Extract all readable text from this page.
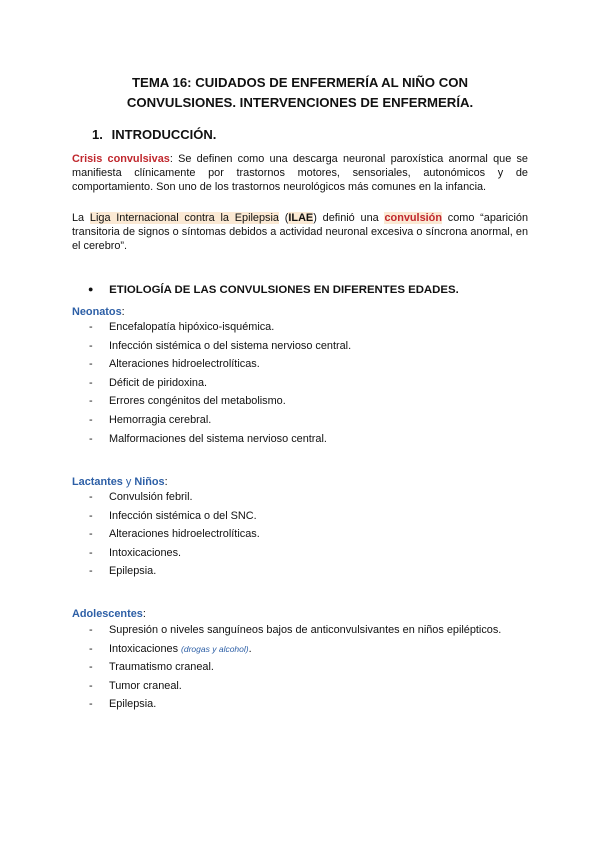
TEMA 16: CUIDADOS DE ENFERMERÍA AL NIÑO CON
CONVULSIONES. INTERVENCIONES DE ENFERMERÍA.
1. INTRODUCCIÓN.
Crisis convulsivas: Se definen como una descarga neuronal paroxística anormal que se manifiesta clínicamente por trastornos motores, sensoriales, autonómicos y de comportamiento. Son uno de los trastornos neurológicos más comunes en la infancia.
La Liga Internacional contra la Epilepsia (ILAE) definió una convulsión como “aparición transitoria de signos o síntomas debidos a actividad neuronal excesiva o síncrona anormal, en el cerebro”.
● ETIOLOGÍA DE LAS CONVULSIONES EN DIFERENTES EDADES.
Neonatos:
- Encefalopatía hipóxico-isquémica.
- Infección sistémica o del sistema nervioso central.
- Alteraciones hidroelectrolíticas.
- Déficit de piridoxina.
- Errores congénitos del metabolismo.
- Hemorragia cerebral.
- Malformaciones del sistema nervioso central.
Lactantes y Niños:
- Convulsión febril.
- Infección sistémica o del SNC.
- Alteraciones hidroelectrolíticas.
- Intoxicaciones.
- Epilepsia.
Adolescentes:
- Supresión o niveles sanguíneos bajos de anticonvulsivantes en niños epilépticos.
- Intoxicaciones (drogas y alcohol).
- Traumatismo craneal.
- Tumor craneal.
- Epilepsia.
